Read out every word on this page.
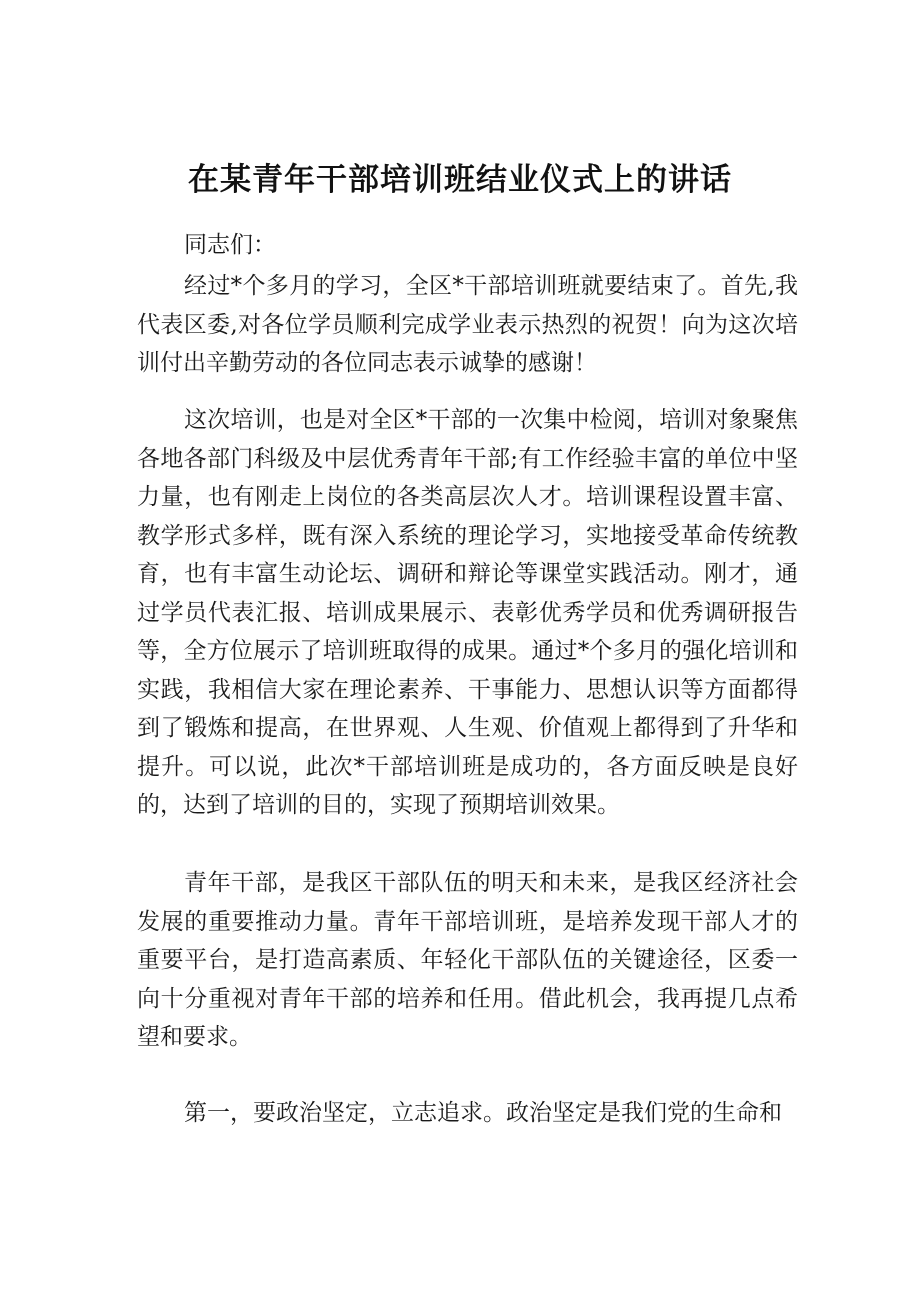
在某青年干部培训班结业仪式上的讲话
同志们：

经过*个多月的学习，全区*干部培训班就要结束了。首先,我代表区委,对各位学员顺利完成学业表示热烈的祝贺！向为这次培训付出辛勤劳动的各位同志表示诚挚的感谢！

这次培训，也是对全区*干部的一次集中检阅，培训对象聚焦各地各部门科级及中层优秀青年干部;有工作经验丰富的单位中坚力量，也有刚走上岗位的各类高层次人才。培训课程设置丰富、教学形式多样，既有深入系统的理论学习，实地接受革命传统教育，也有丰富生动论坛、调研和辩论等课堂实践活动。刚才，通过学员代表汇报、培训成果展示、表彰优秀学员和优秀调研报告等，全方位展示了培训班取得的成果。通过*个多月的强化培训和实践，我相信大家在理论素养、干事能力、思想认识等方面都得到了锻炼和提高，在世界观、人生观、价值观上都得到了升华和提升。可以说，此次*干部培训班是成功的，各方面反映是良好的，达到了培训的目的，实现了预期培训效果。

青年干部，是我区干部队伍的明天和未来，是我区经济社会发展的重要推动力量。青年干部培训班，是培养发现干部人才的重要平台，是打造高素质、年轻化干部队伍的关键途径，区委一向十分重视对青年干部的培养和任用。借此机会，我再提几点希望和要求。

第一，要政治坚定，立志追求。政治坚定是我们党的生命和
